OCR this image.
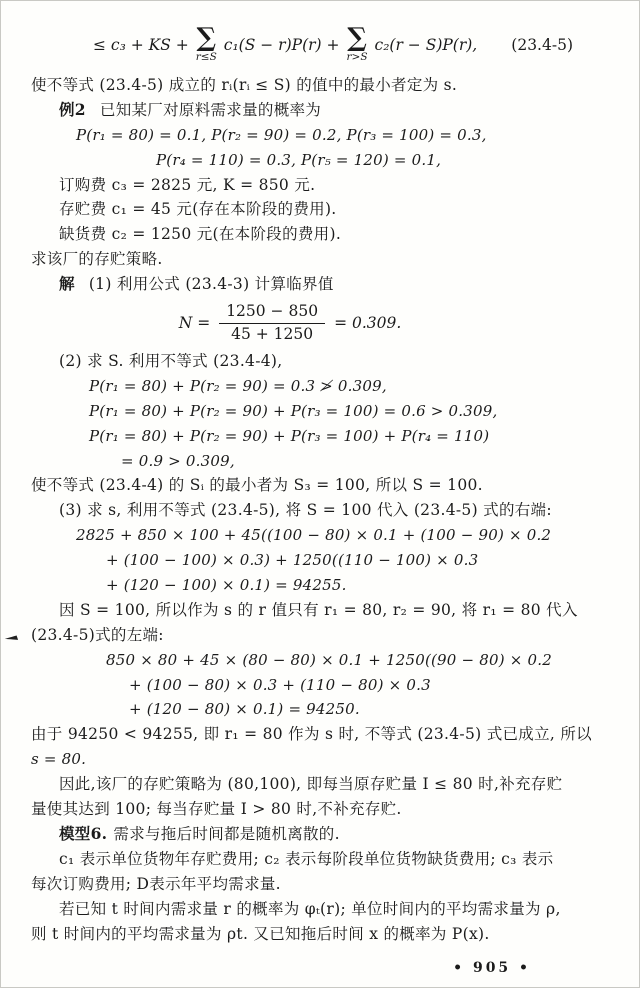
≤ c₃ + KS + ∑
r≤S
c₁(S − r)P(r) + ∑
r>S
c₂(r − S)P(r), (23.4-5)
使不等式 (23.4-5) 成立的 rᵢ(rᵢ ≤ S) 的值中的最小者定为 s.
例2 已知某厂对原料需求量的概率为
P(r₁ = 80) = 0.1, P(r₂ = 90) = 0.2, P(r₃ = 100) = 0.3,
P(r₄ = 110) = 0.3, P(r₅ = 120) = 0.1,
订购费 c₃ = 2825 元, K = 850 元.
存贮费 c₁ = 45 元(存在本阶段的费用).
缺货费 c₂ = 1250 元(在本阶段的费用).
求该厂的存贮策略.
解 (1) 利用公式 (23.4-3) 计算临界值
$N = \frac{1250 - 850}{45 + 1250} = 0.309$.
(2) 求 S. 利用不等式 (23.4-4),
P(r₁ = 80) + P(r₂ = 90) = 0.3 ≯ 0.309,
P(r₁ = 80) + P(r₂ = 90) + P(r₃ = 100) = 0.6 > 0.309,
P(r₁ = 80) + P(r₂ = 90) + P(r₃ = 100) + P(r₄ = 110)
= 0.9 > 0.309,
使不等式 (23.4-4) 的 Sᵢ 的最小者为 S₃ = 100, 所以 S = 100.
(3) 求 s, 利用不等式 (23.4-5), 将 S = 100 代入 (23.4-5) 式的右端:
2825 + 850 × 100 + 45((100 − 80) × 0.1 + (100 − 90) × 0.2
+ (100 − 100) × 0.3) + 1250((110 − 100) × 0.3
+ (120 − 100) × 0.1) = 94255.
因 S = 100, 所以作为 s 的 r 值只有 r₁ = 80, r₂ = 90, 将 r₁ = 80 代入
◄ (23.4-5)式的左端:
850 × 80 + 45 × (80 − 80) × 0.1 + 1250((90 − 80) × 0.2
+ (100 − 80) × 0.3 + (110 − 80) × 0.3
+ (120 − 80) × 0.1) = 94250.
由于 94250 < 94255, 即 r₁ = 80 作为 s 时, 不等式 (23.4-5) 式已成立, 所以
s = 80.
因此,该厂的存贮策略为 (80,100), 即每当原存贮量 I ≤ 80 时,补充存贮
量使其达到 100; 每当存贮量 I > 80 时,不补充存贮.
模型6. 需求与拖后时间都是随机离散的.
c₁ 表示单位货物年存贮费用; c₂ 表示每阶段单位货物缺货费用; c₃ 表示
每次订购费用; D表示年平均需求量.
若已知 t 时间内需求量 r 的概率为 φₜ(r); 单位时间内的平均需求量为 ρ,
则 t 时间内的平均需求量为 ρt. 又已知拖后时间 x 的概率为 P(x).
• 905 •
